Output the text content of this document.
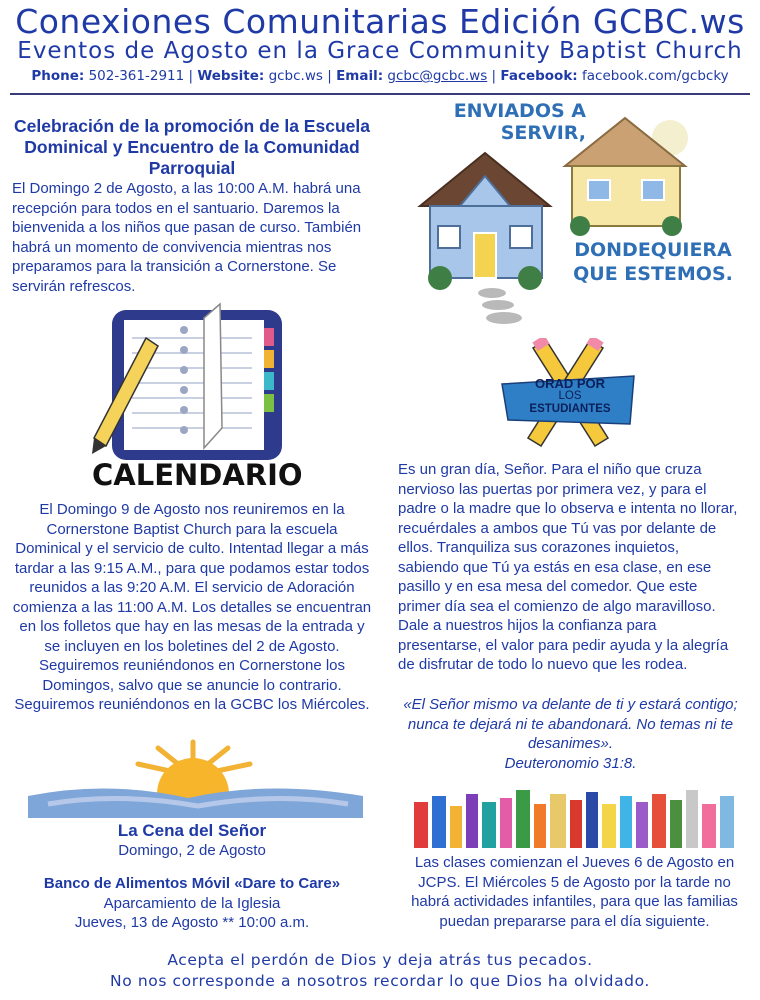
Conexiones Comunitarias Edición GCBC.ws
Eventos de Agosto en la Grace Community Baptist Church
Phone: 502-361-2911 | Website: gcbc.ws | Email: gcbc@gcbc.ws | Facebook: facebook.com/gcbcky
Celebración de la promoción de la Escuela Dominical y Encuentro de la Comunidad Parroquial
El Domingo 2 de Agosto, a las 10:00 A.M. habrá una recepción para todos en el santuario. Daremos la bienvenida a los niños que pasan de curso. También habrá un momento de convivencia mientras nos preparamos para la transición a Cornerstone. Se servirán refrescos.
ENVIADOS A SERVIR,
DONDEQUIERA QUE ESTEMOS.
CALENDARIO
El Domingo 9 de Agosto nos reuniremos en la Cornerstone Baptist Church para la escuela Dominical y el servicio de culto. Intentad llegar a más tardar a las 9:15 A.M., para que podamos estar todos reunidos a las 9:20 A.M. El servicio de Adoración comienza a las 11:00 A.M. Los detalles se encuentran en los folletos que hay en las mesas de la entrada y se incluyen en los boletines del 2 de Agosto. Seguiremos reuniéndonos en Cornerstone los Domingos, salvo que se anuncie lo contrario. Seguiremos reuniéndonos en la GCBC los Miércoles.
ORAD POR
LOS
ESTUDIANTES
Es un gran día, Señor. Para el niño que cruza nervioso las puertas por primera vez, y para el padre o la madre que lo observa e intenta no llorar, recuérdales a ambos que Tú vas por delante de ellos. Tranquiliza sus corazones inquietos, sabiendo que Tú ya estás en esa clase, en ese pasillo y en esa mesa del comedor. Que este primer día sea el comienzo de algo maravilloso. Dale a nuestros hijos la confianza para presentarse, el valor para pedir ayuda y la alegría de disfrutar de todo lo nuevo que les rodea.
«El Señor mismo va delante de ti y estará contigo; nunca te dejará ni te abandonará. No temas ni te desanimes».
Deuteronomio 31:8.
La Cena del Señor
Domingo, 2 de Agosto
Banco de Alimentos Móvil «Dare to Care»
Aparcamiento de la Iglesia
Jueves, 13 de Agosto ** 10:00 a.m.
Las clases comienzan el Jueves 6 de Agosto en JCPS. El Miércoles 5 de Agosto por la tarde no habrá actividades infantiles, para que las familias puedan prepararse para el día siguiente.
Acepta el perdón de Dios y deja atrás tus pecados.
No nos corresponde a nosotros recordar lo que Dios ha olvidado.
